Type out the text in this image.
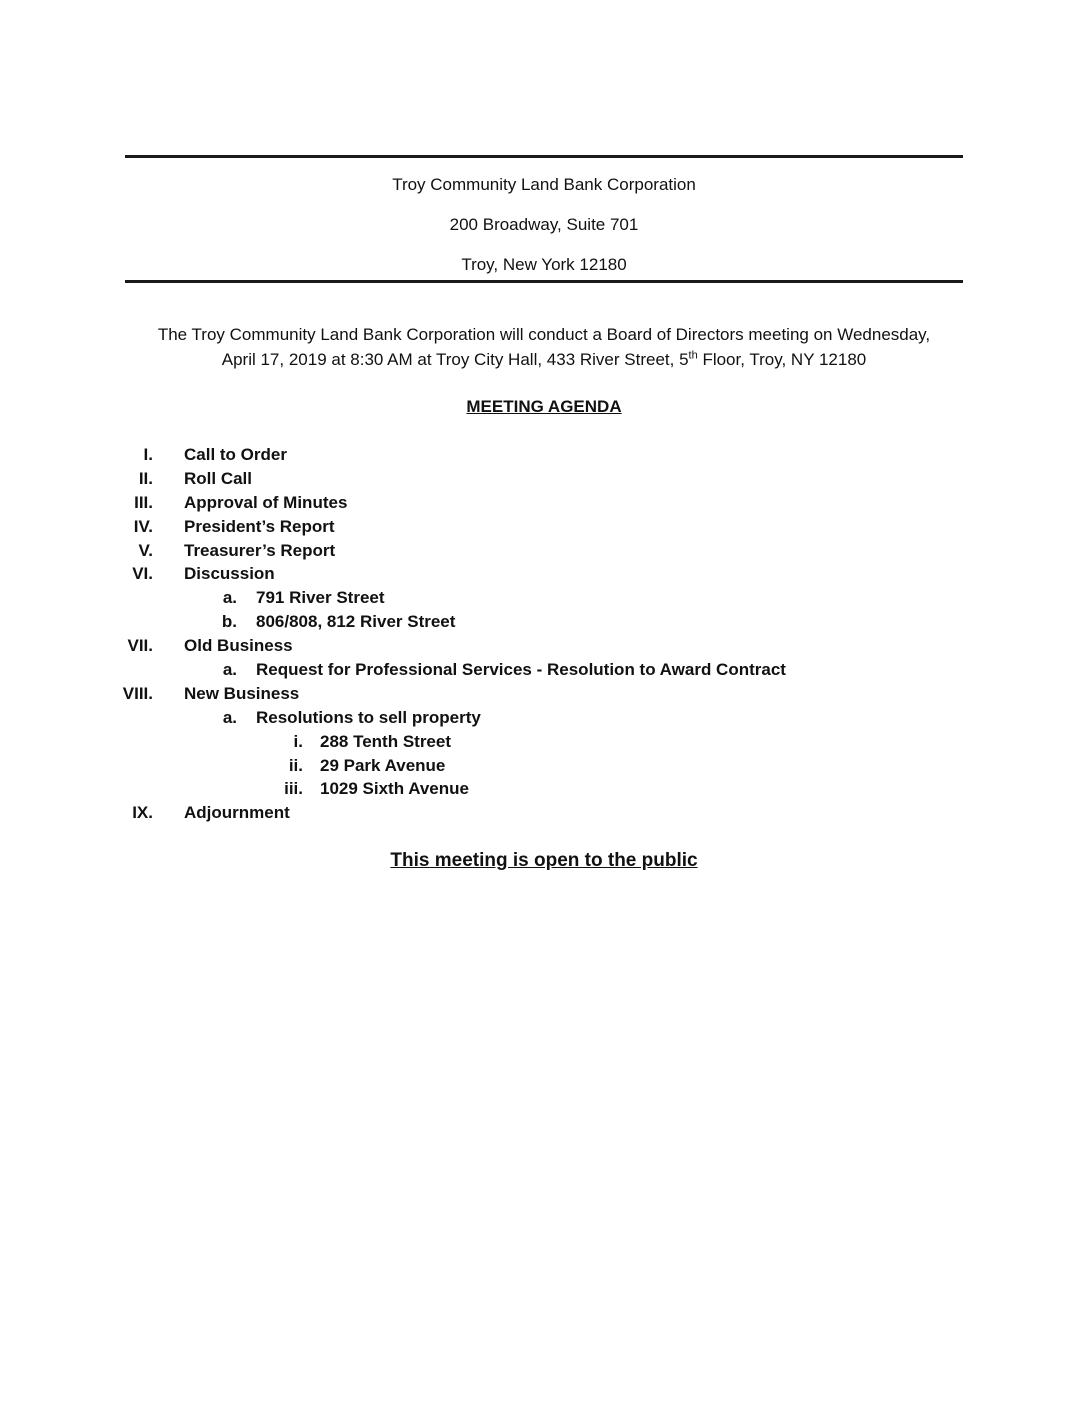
Troy Community Land Bank Corporation
200 Broadway, Suite 701
Troy, New York 12180
The Troy Community Land Bank Corporation will conduct a Board of Directors meeting on Wednesday,
April 17, 2019 at 8:30 AM at Troy City Hall, 433 River Street, 5th Floor, Troy, NY 12180
MEETING AGENDA
I. Call to Order
II. Roll Call
III. Approval of Minutes
IV. President’s Report
V. Treasurer’s Report
VI. Discussion
a. 791 River Street
b. 806/808, 812 River Street
VII. Old Business
a. Request for Professional Services - Resolution to Award Contract
VIII. New Business
a. Resolutions to sell property
i. 288 Tenth Street
ii. 29 Park Avenue
iii. 1029 Sixth Avenue
IX. Adjournment
This meeting is open to the public
